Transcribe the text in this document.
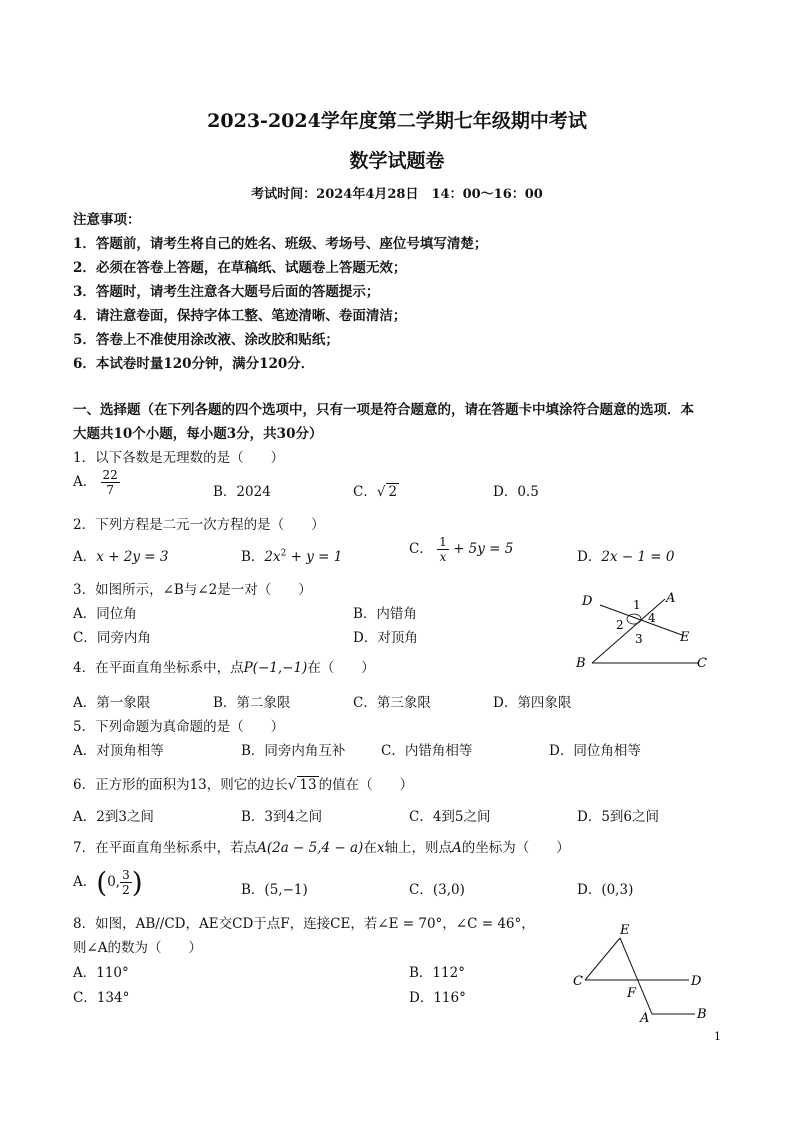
2023-2024学年度第二学期七年级期中考试
数学试题卷
考试时间：2024年4月28日　14：00～16：00
注意事项：
1．答题前，请考生将自己的姓名、班级、考场号、座位号填写清楚；
2．必须在答卷上答题，在草稿纸、试题卷上答题无效；
3．答题时，请考生注意各大题号后面的答题提示；
4．请注意卷面，保持字体工整、笔迹清晰、卷面清洁；
5．答卷上不准使用涂改液、涂改胶和贴纸；
6．本试卷时量120分钟，满分120分．
一、选择题（在下列各题的四个选项中，只有一项是符合题意的，请在答题卡中填涂符合题意的选项．本
大题共10个小题，每小题3分，共30分）
1．以下各数是无理数的是（　　）
A． $\frac{22}{7}$	B．2024	C．√ 2	D．0.5
2．下列方程是二元一次方程的是（　　）
A．x + 2y = 3	B．$2x^2 + y = 1$	C． $\frac{1}{x} + 5y = 5$	D．2x − 1 = 0
3．如图所示，∠B与∠2是一对（　　）
A．同位角	B．内错角
C．同旁内角	D．对顶角
D	A
E
B	C
1
2
3
4
4．在平面直角坐标系中，点P(−1,−1)在（　　）
A．第一象限	B．第二象限	C．第三象限	D．第四象限
5．下列命题为真命题的是（　　）
A．对顶角相等	B．同旁内角互补	C．内错角相等	D．同位角相等
6．正方形的面积为13，则它的边长√ 13 的值在（　　）
A．2到3之间	B．3到4之间	C．4到5之间	D．5到6之间
7．在平面直角坐标系中，若点A(2a − 5,4 − a)在x轴上，则点A的坐标为（　　）
A．(0, $\frac{3}{2}$ )	B．(5,−1)	C．(3,0)	D．(0,3)
8．如图，AB//CD，AE交CD于点F，连接CE，若∠E = 70°，∠C = 46°，
则∠A的数为（　　）
A．110°	B．112°
C．134°	D．116°
E
C	D
F
A	B
1
